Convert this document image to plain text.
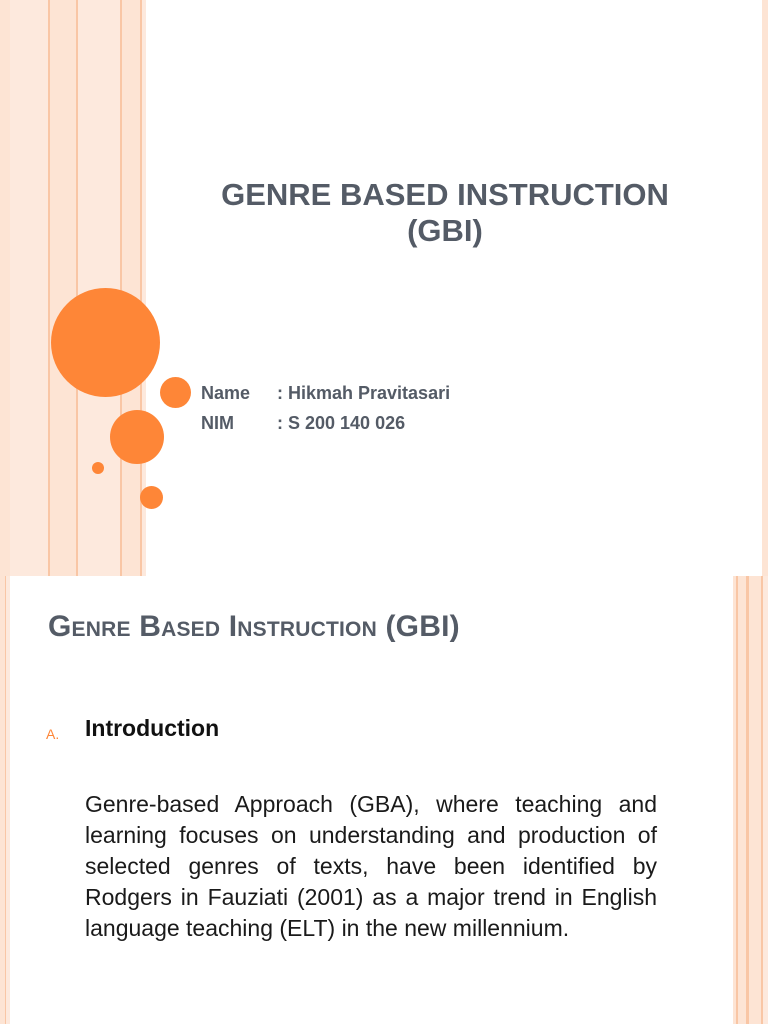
GENRE BASED INSTRUCTION
(GBI)
Name : Hikmah Pravitasari
NIM : S 200 140 026
Genre Based Instruction (GBI)
A. Introduction

Genre-based Approach (GBA), where teaching and learning focuses on understanding and production of selected genres of texts, have been identified by Rodgers in Fauziati (2001) as a major trend in English language teaching (ELT) in the new millennium.
